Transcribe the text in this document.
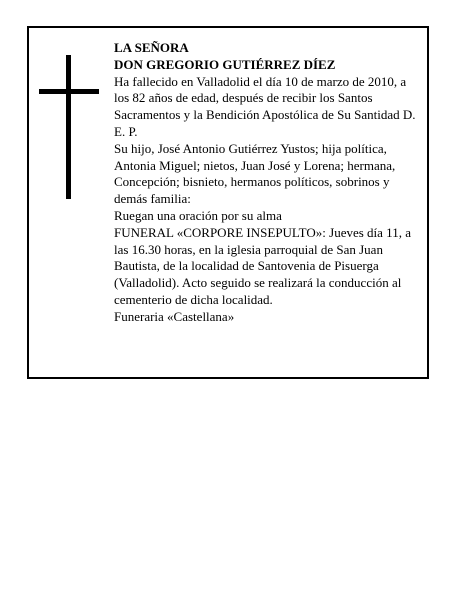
LA SEÑORA

DON GREGORIO GUTIÉRREZ DÍEZ

Ha fallecido en Valladolid el día 10 de marzo de 2010, a los 82 años de edad, después de recibir los Santos Sacramentos y la Bendición Apostólica de Su Santidad D. E. P.

Su hijo, José Antonio Gutiérrez Yustos; hija política, Antonia Miguel; nietos, Juan José y Lorena; hermana, Concepción; bisnieto, hermanos políticos, sobrinos y demás familia:

Ruegan una oración por su alma

FUNERAL «CORPORE INSEPULTO»: Jueves día 11, a las 16.30 horas, en la iglesia parroquial de San Juan Bautista, de la localidad de Santovenia de Pisuerga (Valladolid). Acto seguido se realizará la conducción al cementerio de dicha localidad.

Funeraria «Castellana»
